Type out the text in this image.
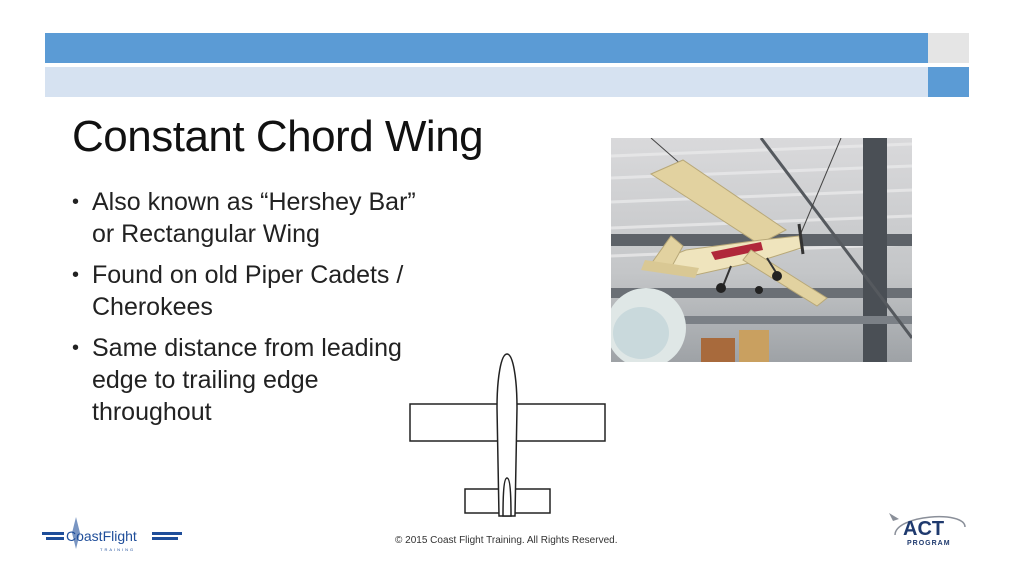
Constant Chord Wing
• Also known as “Hershey Bar”
or Rectangular Wing
• Found on old Piper Cadets /
Cherokees
• Same distance from leading
edge to trailing edge
throughout
© 2015 Coast Flight Training. All Rights Reserved.
CoastFlight
TRAINING
ACT
PROGRAM
